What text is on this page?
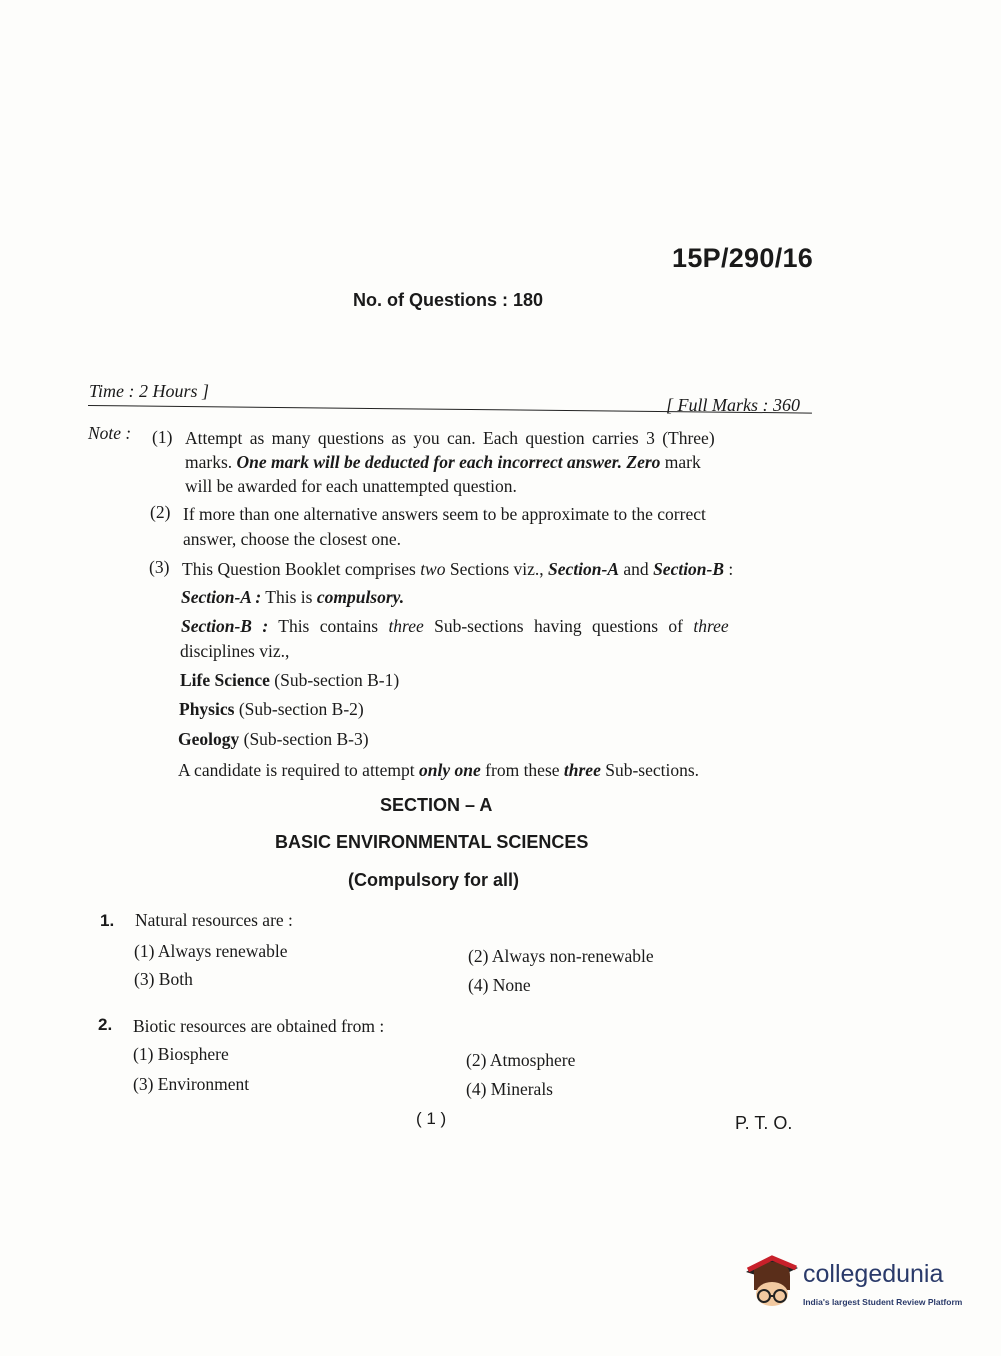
15P/290/16
No. of Questions : 180
Time : 2 Hours ]
[ Full Marks : 360
Note : (1) Attempt as many questions as you can. Each question carries 3 (Three)
marks. One mark will be deducted for each incorrect answer. Zero mark
will be awarded for each unattempted question.
(2) If more than one alternative answers seem to be approximate to the correct
answer, choose the closest one.
(3) This Question Booklet comprises two Sections viz., Section-A and Section-B :
Section-A : This is compulsory.
Section-B : This contains three Sub-sections having questions of three
disciplines viz.,
Life Science (Sub-section B-1)
Physics (Sub-section B-2)
Geology (Sub-section B-3)
A candidate is required to attempt only one from these three Sub-sections.
SECTION – A
BASIC ENVIRONMENTAL SCIENCES
(Compulsory for all)
1. Natural resources are :
(1) Always renewable	(2) Always non-renewable
(3) Both	(4) None
2. Biotic resources are obtained from :
(1) Biosphere	(2) Atmosphere
(3) Environment	(4) Minerals
( 1 )	P. T. O.
collegedunia
India's largest Student Review Platform
